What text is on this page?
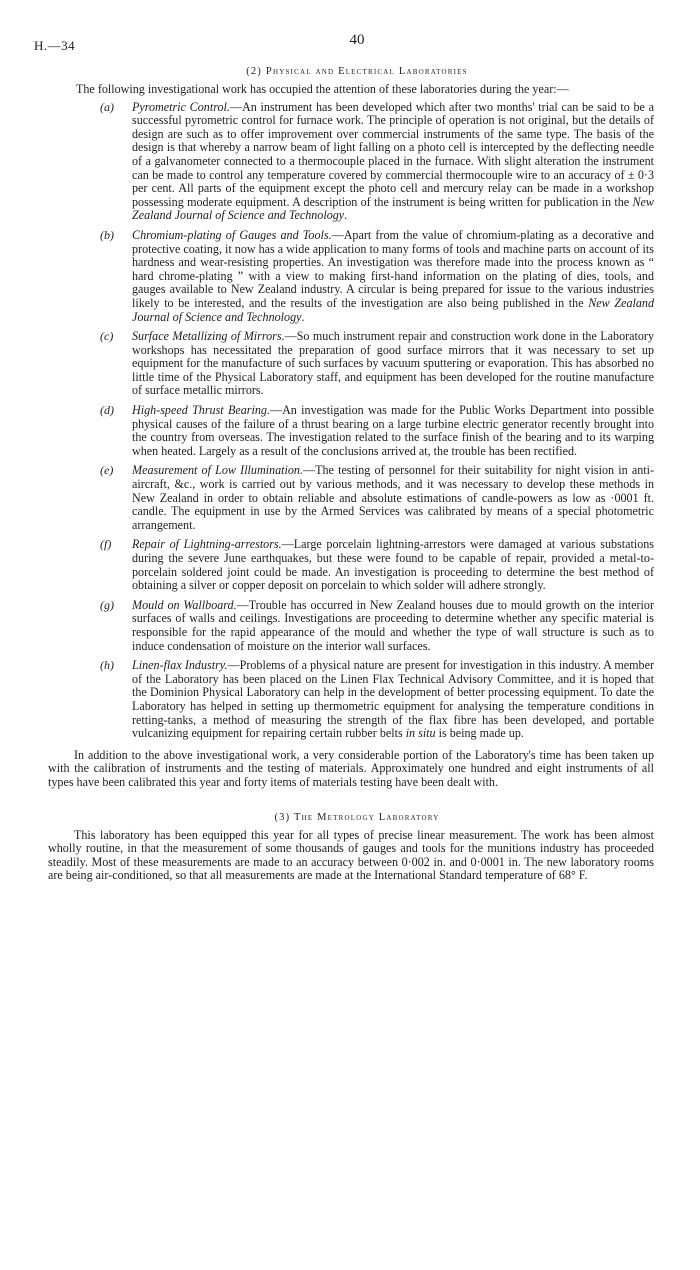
H.—34	40
(2) Physical and Electrical Laboratories

The following investigational work has occupied the attention of these laboratories during the year:—

(a)	Pyrometric Control.—An instrument has been developed which after two months' trial can be said to be a successful pyrometric control for furnace work. The principle of operation is not original, but the details of design are such as to offer improvement over commercial instruments of the same type. The basis of the design is that whereby a narrow beam of light falling on a photo cell is intercepted by the deflecting needle of a galvanometer connected to a thermocouple placed in the furnace. With slight alteration the instrument can be made to control any temperature covered by commercial thermocouple wire to an accuracy of ± 0·3 per cent. All parts of the equipment except the photo cell and mercury relay can be made in a workshop possessing moderate equipment. A description of the instrument is being written for publication in the New Zealand Journal of Science and Technology.

(b)	Chromium-plating of Gauges and Tools.—Apart from the value of chromium-plating as a decorative and protective coating, it now has a wide application to many forms of tools and machine parts on account of its hardness and wear-resisting properties. An investigation was therefore made into the process known as “ hard chrome-plating ” with a view to making first-hand information on the plating of dies, tools, and gauges available to New Zealand industry. A circular is being prepared for issue to the various industries likely to be interested, and the results of the investigation are also being published in the New Zealand Journal of Science and Technology.

(c)	Surface Metallizing of Mirrors.—So much instrument repair and construction work done in the Laboratory workshops has necessitated the preparation of good surface mirrors that it was necessary to set up equipment for the manufacture of such surfaces by vacuum sputtering or evaporation. This has absorbed no little time of the Physical Laboratory staff, and equipment has been developed for the routine manufacture of surface metallic mirrors.

(d)	High-speed Thrust Bearing.—An investigation was made for the Public Works Department into possible physical causes of the failure of a thrust bearing on a large turbine electric generator recently brought into the country from overseas. The investigation related to the surface finish of the bearing and to its warping when heated. Largely as a result of the conclusions arrived at, the trouble has been rectified.

(e)	Measurement of Low Illumination.—The testing of personnel for their suitability for night vision in anti-aircraft, &c., work is carried out by various methods, and it was necessary to develop these methods in New Zealand in order to obtain reliable and absolute estimations of candle-powers as low as ·0001 ft. candle. The equipment in use by the Armed Services was calibrated by means of a special photometric arrangement.

(f)	Repair of Lightning-arrestors.—Large porcelain lightning-arrestors were damaged at various substations during the severe June earthquakes, but these were found to be capable of repair, provided a metal-to-porcelain soldered joint could be made. An investigation is proceeding to determine the best method of obtaining a silver or copper deposit on porcelain to which solder will adhere strongly.

(g)	Mould on Wallboard.—Trouble has occurred in New Zealand houses due to mould growth on the interior surfaces of walls and ceilings. Investigations are proceeding to determine whether any specific material is responsible for the rapid appearance of the mould and whether the type of wall structure is such as to induce condensation of moisture on the interior wall surfaces.

(h)	Linen-flax Industry.—Problems of a physical nature are present for investigation in this industry. A member of the Laboratory has been placed on the Linen Flax Technical Advisory Committee, and it is hoped that the Dominion Physical Laboratory can help in the development of better processing equipment. To date the Laboratory has helped in setting up thermometric equipment for analysing the temperature conditions in retting-tanks, a method of measuring the strength of the flax fibre has been developed, and portable vulcanizing equipment for repairing certain rubber belts in situ is being made up.

In addition to the above investigational work, a very considerable portion of the Laboratory's time has been taken up with the calibration of instruments and the testing of materials. Approximately one hundred and eight instruments of all types have been calibrated this year and forty items of materials testing have been dealt with.

(3) The Metrology Laboratory

This laboratory has been equipped this year for all types of precise linear measurement. The work has been almost wholly routine, in that the measurement of some thousands of gauges and tools for the munitions industry has proceeded steadily. Most of these measurements are made to an accuracy between 0·002 in. and 0·0001 in. The new laboratory rooms are being air-conditioned, so that all measurements are made at the International Standard temperature of 68° F.
